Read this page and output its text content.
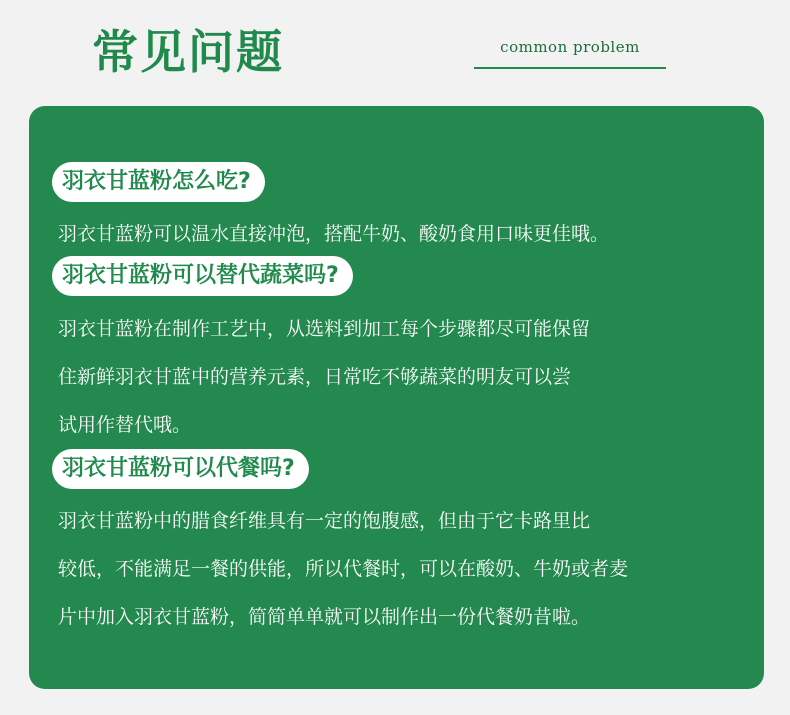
常见问题	common problem
羽衣甘蓝粉怎么吃?
羽衣甘蓝粉可以温水直接冲泡，搭配牛奶、酸奶食用口味更佳哦。
羽衣甘蓝粉可以替代蔬菜吗?
羽衣甘蓝粉在制作工艺中，从选料到加工每个步骤都尽可能保留
住新鲜羽衣甘蓝中的营养元素，日常吃不够蔬菜的明友可以尝
试用作替代哦。
羽衣甘蓝粉可以代餐吗?
羽衣甘蓝粉中的腊食纤维具有一定的饱腹感，但由于它卡路里比
较低，不能满足一餐的供能，所以代餐时，可以在酸奶、牛奶或者麦
片中加入羽衣甘蓝粉，简简单单就可以制作出一份代餐奶昔啦。
